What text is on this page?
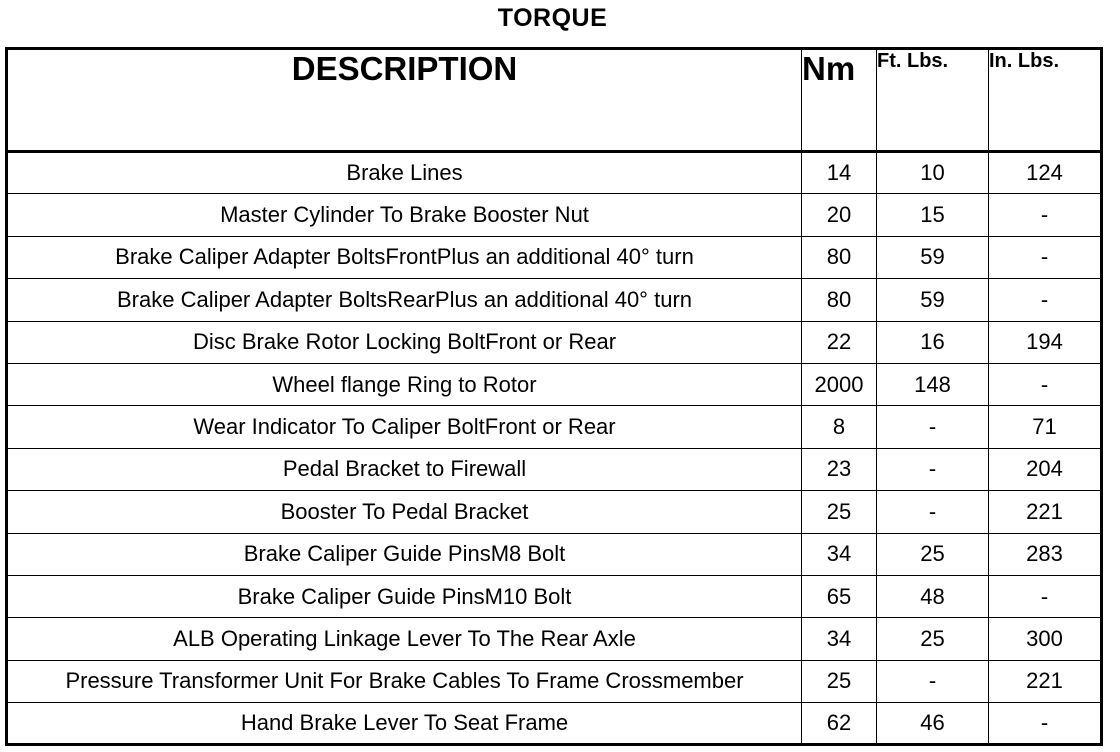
TORQUE
DESCRIPTION	Nm	Ft. Lbs.	In. Lbs.
Brake Lines	14	10	124
Master Cylinder To Brake Booster Nut	20	15	-
Brake Caliper Adapter BoltsFrontPlus an additional 40° turn	80	59	-
Brake Caliper Adapter BoltsRearPlus an additional 40° turn	80	59	-
Disc Brake Rotor Locking BoltFront or Rear	22	16	194
Wheel flange Ring to Rotor	2000	148	-
Wear Indicator To Caliper BoltFront or Rear	8	-	71
Pedal Bracket to Firewall	23	-	204
Booster To Pedal Bracket	25	-	221
Brake Caliper Guide PinsM8 Bolt	34	25	283
Brake Caliper Guide PinsM10 Bolt	65	48	-
ALB Operating Linkage Lever To The Rear Axle	34	25	300
Pressure Transformer Unit For Brake Cables To Frame Crossmember	25	-	221
Hand Brake Lever To Seat Frame	62	46	-
